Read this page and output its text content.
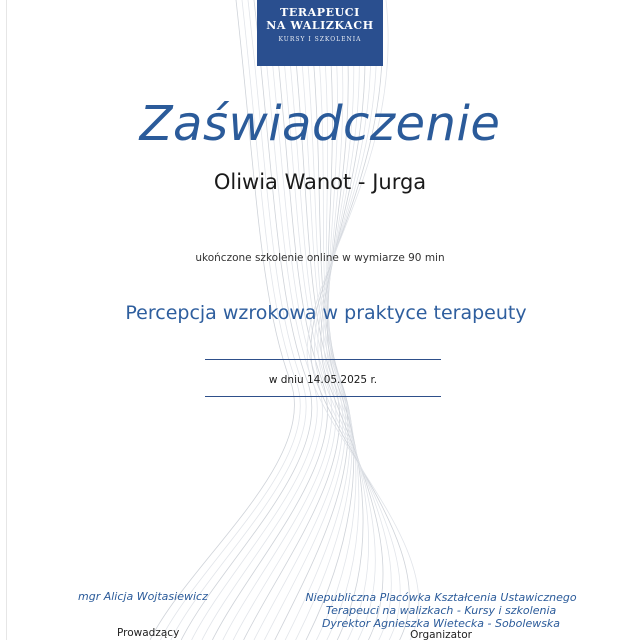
TERAPEUCI
NA WALIZKACH
KURSY I SZKOLENIA
Zaświadczenie
Oliwia Wanot - Jurga
ukończone szkolenie online w wymiarze 90 min
Percepcja wzrokowa w praktyce terapeuty
w dniu 14.05.2025 r.
mgr Alicja Wojtasiewicz
Prowadzący
Niepubliczna Placówka Kształcenia Ustawicznego
Terapeuci na walizkach - Kursy i szkolenia
Dyrektor Agnieszka Wietecka - Sobolewska
Organizator
